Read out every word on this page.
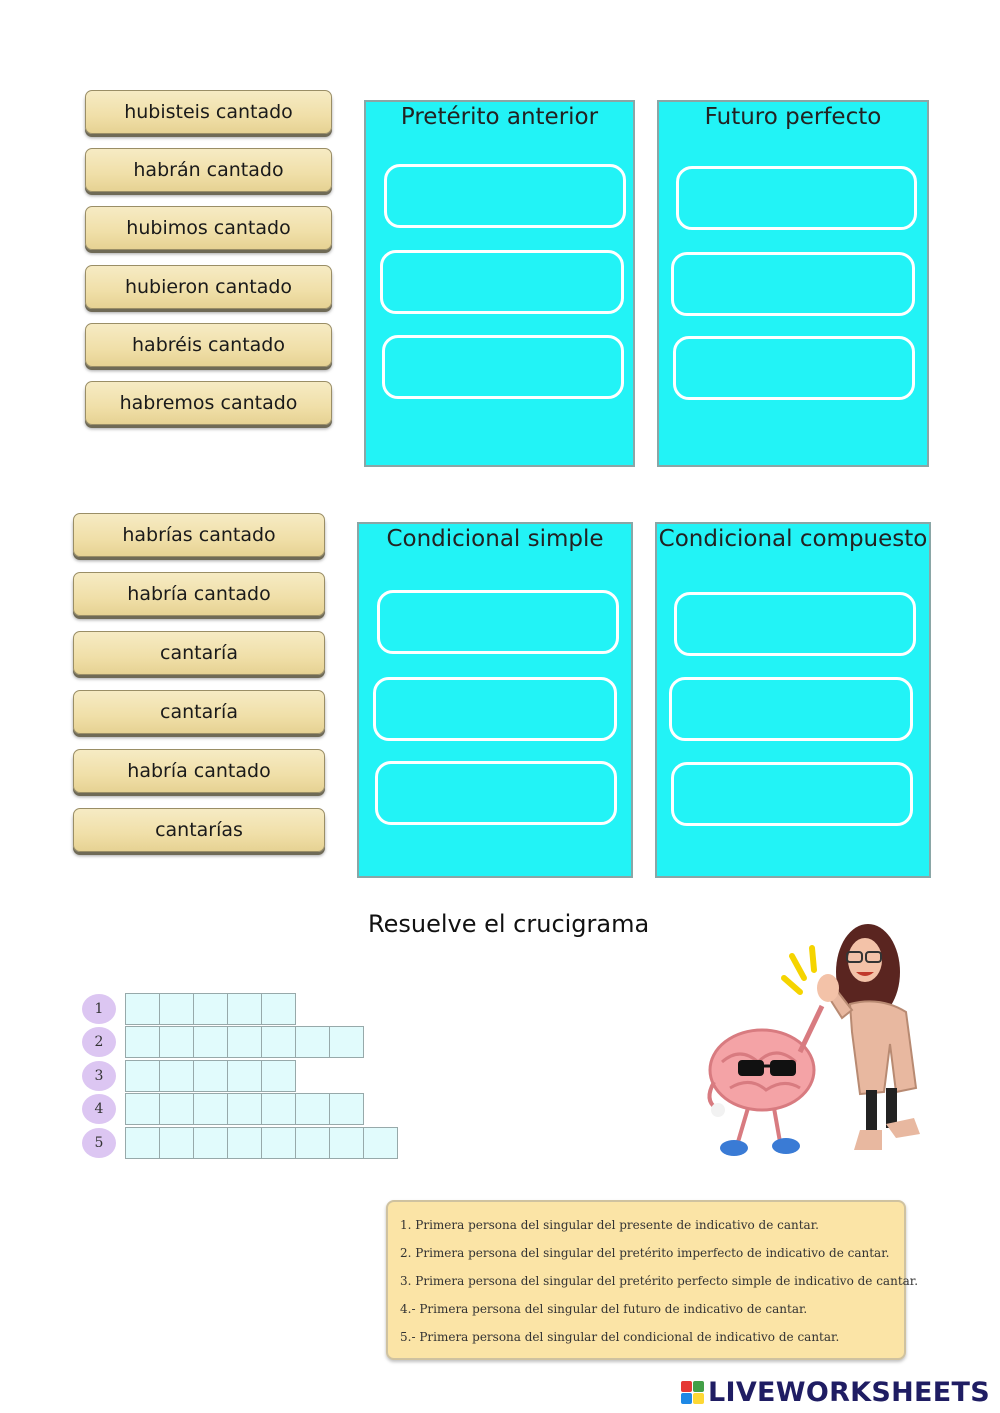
hubisteis cantado
habrán cantado
hubimos cantado
hubieron cantado
habréis cantado
habremos cantado
Pretérito anterior	Futuro perfecto
habrías cantado
habría cantado
cantaría
cantaría
habría cantado
cantarías
Condicional simple	Condicional compuesto
Resuelve el crucigrama
1
2
3
4
5
1. Primera persona del singular del presente de indicativo de cantar.
2. Primera persona del singular del pretérito imperfecto de indicativo de cantar.
3. Primera persona del singular del pretérito perfecto simple de indicativo de cantar.
4.- Primera persona del singular del futuro de indicativo de cantar.
5.- Primera persona del singular del condicional de indicativo de cantar.
LIVEWORKSHEETS
